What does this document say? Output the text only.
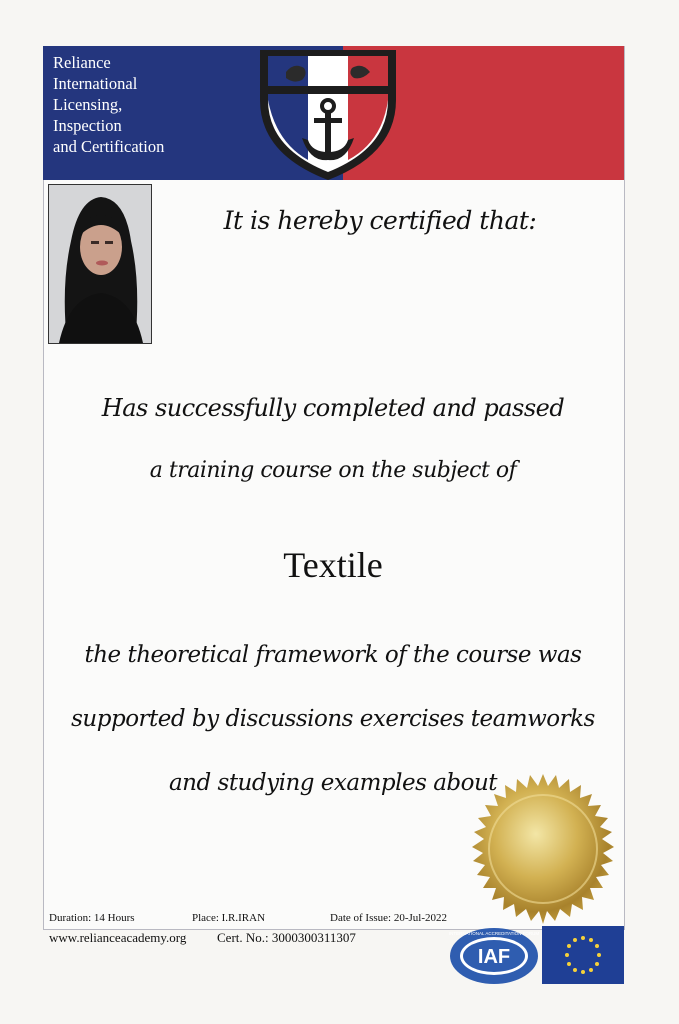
Reliance
International
Licensing,
Inspection
and Certification
It is hereby certified that:
Has successfully completed and passed
a training course on the subject of
Textile
the theoretical framework of the course was
supported by discussions exercises teamworks
and studying examples about
Duration: 14 Hours	Place: I.R.IRAN	Date of Issue: 20-Jul-2022
www.relianceacademy.org Cert. No.: 3000300311307
IAF
INTERNATIONAL ACCREDITATION FORUM
